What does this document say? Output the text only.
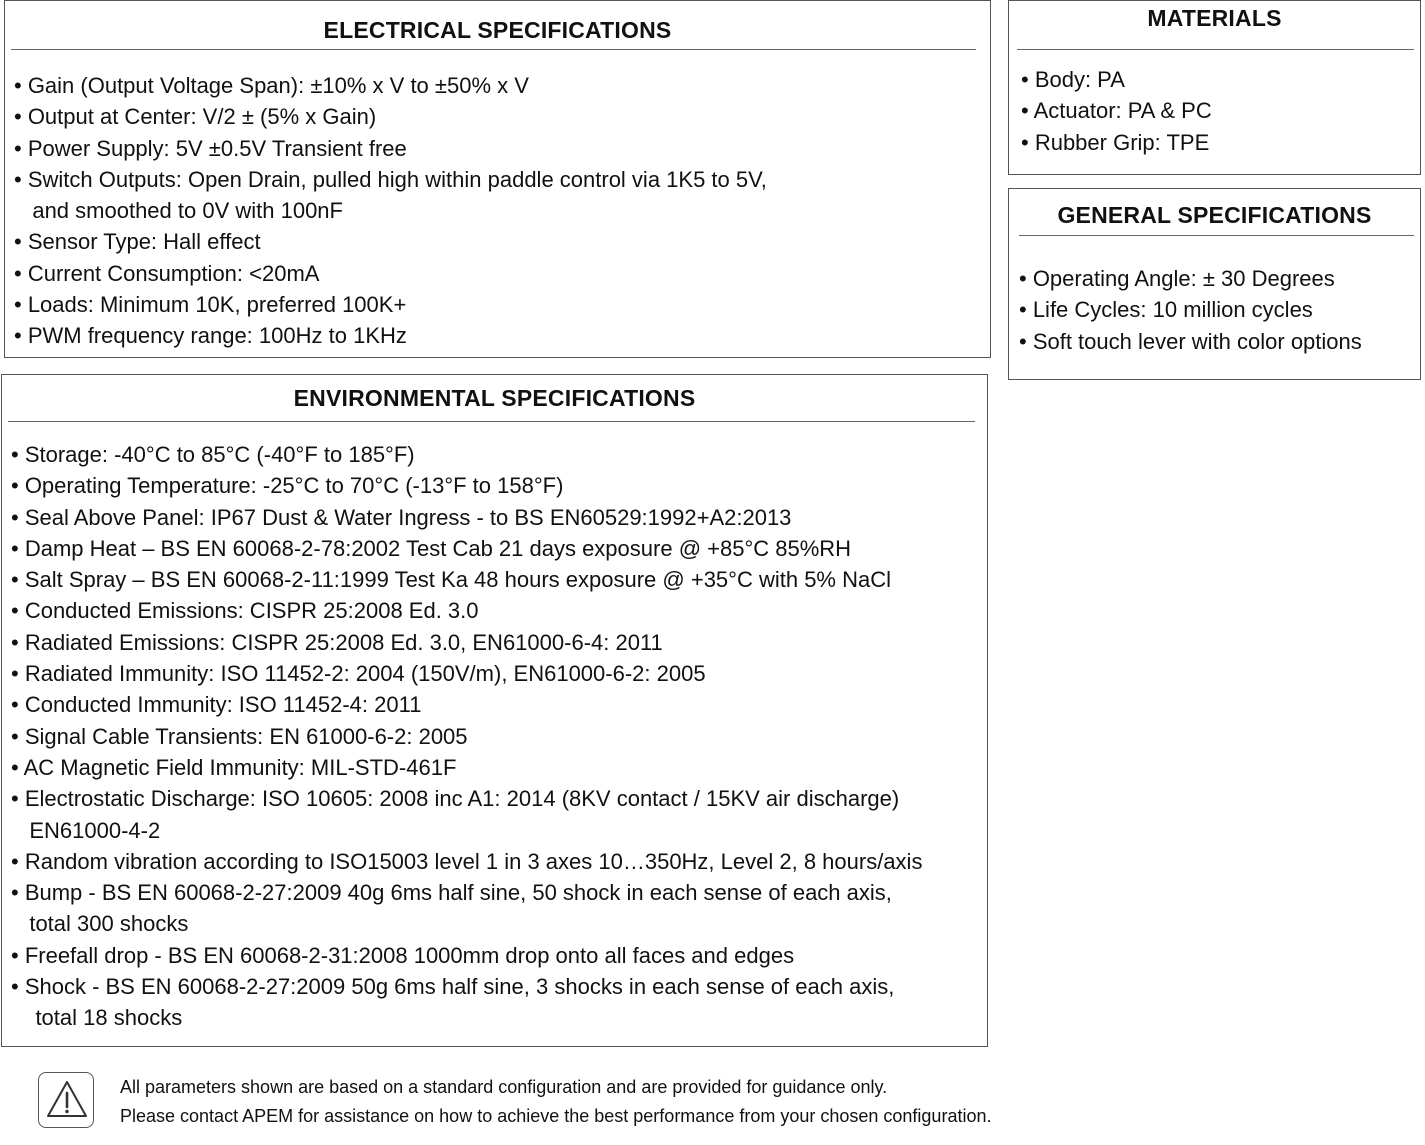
ELECTRICAL SPECIFICATIONS
• Gain (Output Voltage Span): ±10% x V to ±50% x V
• Output at Center: V/2 ± (5% x Gain)
• Power Supply: 5V ±0.5V Transient free
• Switch Outputs: Open Drain, pulled high within paddle control via 1K5 to 5V,
and smoothed to 0V with 100nF
• Sensor Type: Hall effect
• Current Consumption: <20mA
• Loads: Minimum 10K, preferred 100K+
• PWM frequency range: 100Hz to 1KHz
MATERIALS
• Body: PA
• Actuator: PA & PC
• Rubber Grip: TPE
GENERAL SPECIFICATIONS
• Operating Angle: ± 30 Degrees
• Life Cycles: 10 million cycles
• Soft touch lever with color options
ENVIRONMENTAL SPECIFICATIONS
• Storage: -40°C to 85°C (-40°F to 185°F)
• Operating Temperature: -25°C to 70°C (-13°F to 158°F)
• Seal Above Panel: IP67 Dust & Water Ingress - to BS EN60529:1992+A2:2013
• Damp Heat – BS EN 60068-2-78:2002 Test Cab 21 days exposure @ +85°C 85%RH
• Salt Spray – BS EN 60068-2-11:1999 Test Ka 48 hours exposure @ +35°C with 5% NaCl
• Conducted Emissions: CISPR 25:2008 Ed. 3.0
• Radiated Emissions: CISPR 25:2008 Ed. 3.0, EN61000-6-4: 2011
• Radiated Immunity: ISO 11452-2: 2004 (150V/m), EN61000-6-2: 2005
• Conducted Immunity: ISO 11452-4: 2011
• Signal Cable Transients: EN 61000-6-2: 2005
• AC Magnetic Field Immunity: MIL-STD-461F
• Electrostatic Discharge: ISO 10605: 2008 inc A1: 2014 (8KV contact / 15KV air discharge)
EN61000-4-2
• Random vibration according to ISO15003 level 1 in 3 axes 10…350Hz, Level 2, 8 hours/axis
• Bump - BS EN 60068-2-27:2009 40g 6ms half sine, 50 shock in each sense of each axis,
total 300 shocks
• Freefall drop - BS EN 60068-2-31:2008 1000mm drop onto all faces and edges
• Shock - BS EN 60068-2-27:2009 50g 6ms half sine, 3 shocks in each sense of each axis,
total 18 shocks
All parameters shown are based on a standard configuration and are provided for guidance only.
Please contact APEM for assistance on how to achieve the best performance from your chosen configuration.
